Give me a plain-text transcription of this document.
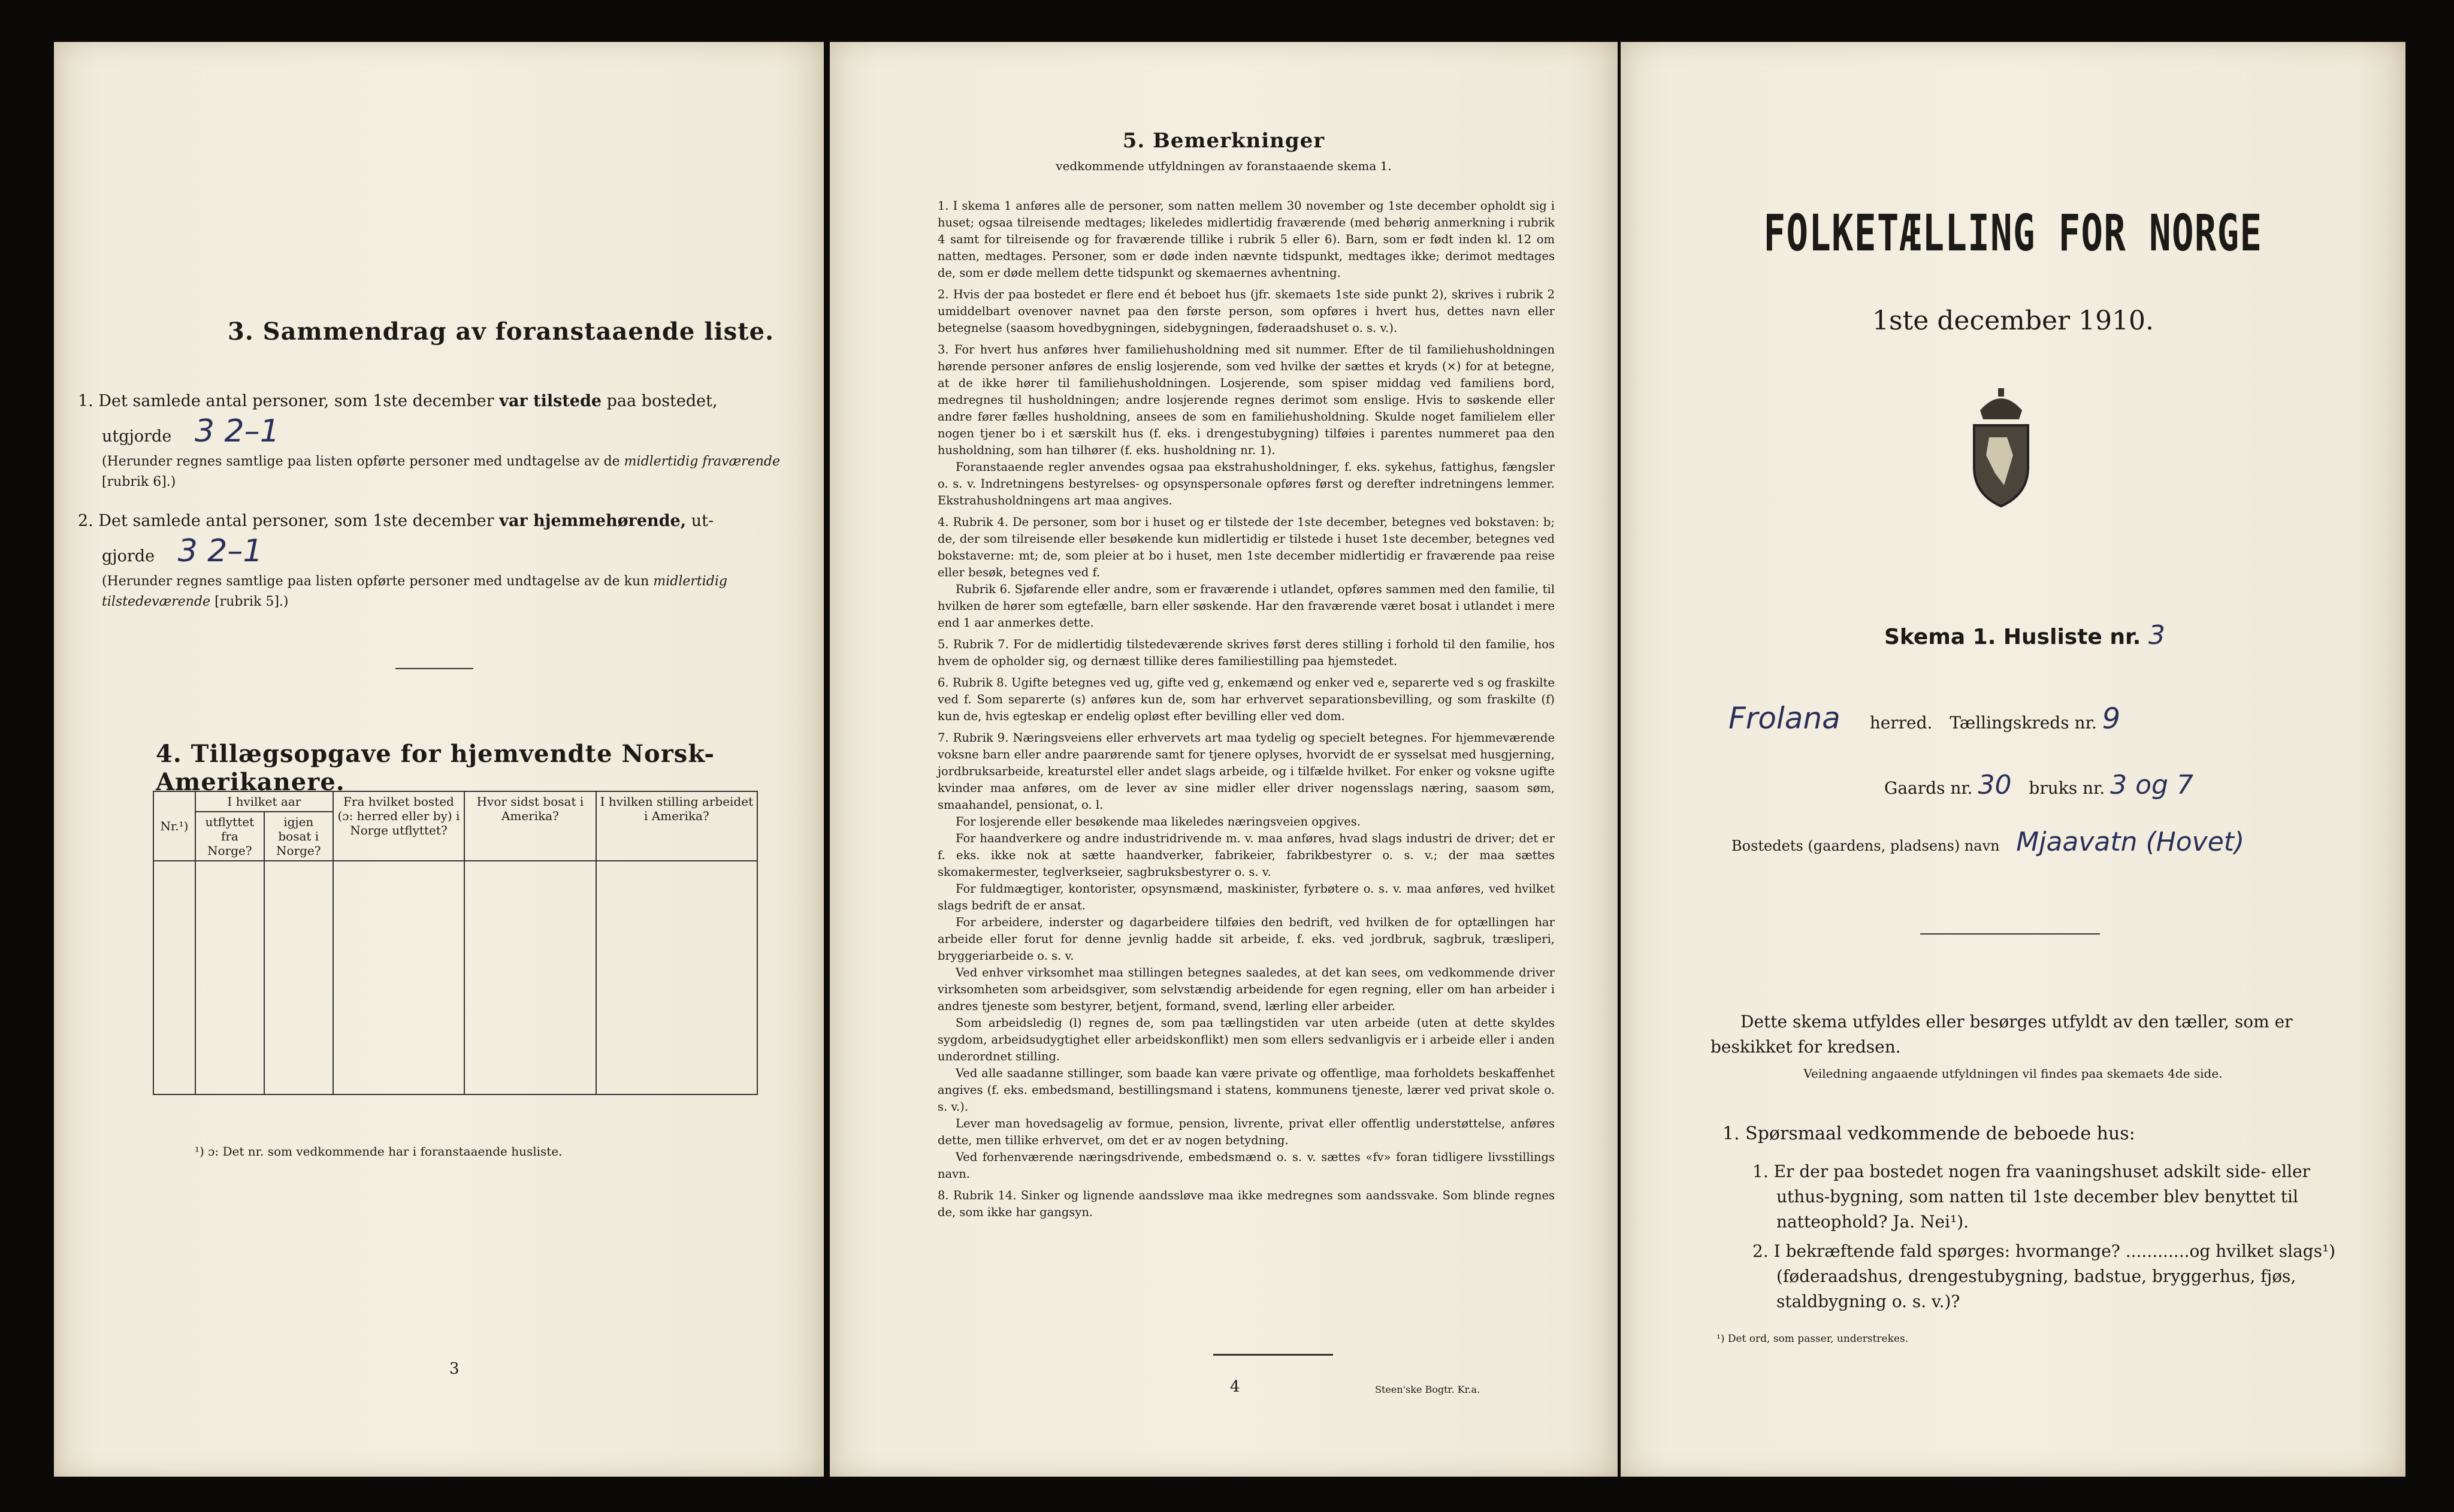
3. Sammendrag av foranstaaende liste.
1. Det samlede antal personer, som 1ste december var tilstede paa bostedet,
utgjorde 3 2–1
(Herunder regnes samtlige paa listen opførte personer med undtagelse av de midlertidig fraværende [rubrik 6].)
2. Det samlede antal personer, som 1ste december var hjemmehørende, ut-
gjorde 3 2–1
(Herunder regnes samtlige paa listen opførte personer med undtagelse av de kun midlertidig tilstedeværende [rubrik 5].)
4. Tillægsopgave for hjemvendte Norsk-Amerikanere.
Nr.¹)	I hvilket aar		Fra hvilket bosted (ɔ: herred eller by) i Norge utflyttet?	Hvor sidst bosat i Amerika?	I hvilken stilling arbeidet i Amerika?
	utflyttet fra Norge?	igjen bosat i Norge?			

¹) ɔ: Det nr. som vedkommende har i foranstaaende husliste.
3
5. Bemerkninger
vedkommende utfyldningen av foranstaaende skema 1.

1. I skema 1 anføres alle de personer, som natten mellem 30 november og 1ste december opholdt sig i huset; ogsaa tilreisende medtages; likeledes midlertidig fraværende (med behørig anmerkning i rubrik 4 samt for tilreisende og for fraværende tillike i rubrik 5 eller 6). Barn, som er født inden kl. 12 om natten, medtages. Personer, som er døde inden nævnte tidspunkt, medtages ikke; derimot medtages de, som er døde mellem dette tidspunkt og skemaernes avhentning.

2. Hvis der paa bostedet er flere end ét beboet hus (jfr. skemaets 1ste side punkt 2), skrives i rubrik 2 umiddelbart ovenover navnet paa den første person, som opføres i hvert hus, dettes navn eller betegnelse (saasom hovedbygningen, sidebygningen, føderaadshuset o. s. v.).

3. For hvert hus anføres hver familiehusholdning med sit nummer. Efter de til familiehusholdningen hørende personer anføres de enslig losjerende, som ved hvilke der sættes et kryds (×) for at betegne, at de ikke hører til familiehusholdningen. Losjerende, som spiser middag ved familiens bord, medregnes til husholdningen; andre losjerende regnes derimot som enslige. Hvis to søskende eller andre fører fælles husholdning, ansees de som en familiehusholdning. Skulde noget familielem eller nogen tjener bo i et særskilt hus (f. eks. i drengestubygning) tilføies i parentes nummeret paa den husholdning, som han tilhører (f. eks. husholdning nr. 1).

Foranstaaende regler anvendes ogsaa paa ekstrahusholdninger, f. eks. sykehus, fattighus, fængsler o. s. v. Indretningens bestyrelses- og opsynspersonale opføres først og derefter indretningens lemmer. Ekstrahusholdningens art maa angives.

4. Rubrik 4. De personer, som bor i huset og er tilstede der 1ste december, betegnes ved bokstaven: b; de, der som tilreisende eller besøkende kun midlertidig er tilstede i huset 1ste december, betegnes ved bokstaverne: mt; de, som pleier at bo i huset, men 1ste december midlertidig er fraværende paa reise eller besøk, betegnes ved f.

Rubrik 6. Sjøfarende eller andre, som er fraværende i utlandet, opføres sammen med den familie, til hvilken de hører som egtefælle, barn eller søskende. Har den fraværende været bosat i utlandet i mere end 1 aar anmerkes dette.

5. Rubrik 7. For de midlertidig tilstedeværende skrives først deres stilling i forhold til den familie, hos hvem de opholder sig, og dernæst tillike deres familiestilling paa hjemstedet.

6. Rubrik 8. Ugifte betegnes ved ug, gifte ved g, enkemænd og enker ved e, separerte ved s og fraskilte ved f. Som separerte (s) anføres kun de, som har erhvervet separationsbevilling, og som fraskilte (f) kun de, hvis egteskap er endelig opløst efter bevilling eller ved dom.

7. Rubrik 9. Næringsveiens eller erhvervets art maa tydelig og specielt betegnes. For hjemmeværende voksne barn eller andre paarørende samt for tjenere oplyses, hvorvidt de er sysselsat med husgjerning, jordbruksarbeide, kreaturstel eller andet slags arbeide, og i tilfælde hvilket. For enker og voksne ugifte kvinder maa anføres, om de lever av sine midler eller driver nogensslags næring, saasom søm, smaahandel, pensionat, o. l.

For losjerende eller besøkende maa likeledes næringsveien opgives.

For haandverkere og andre industridrivende m. v. maa anføres, hvad slags industri de driver; det er f. eks. ikke nok at sætte haandverker, fabrikeier, fabrikbestyrer o. s. v.; der maa sættes skomakermester, teglverkseier, sagbruksbestyrer o. s. v.

For fuldmægtiger, kontorister, opsynsmænd, maskinister, fyrbøtere o. s. v. maa anføres, ved hvilket slags bedrift de er ansat.

For arbeidere, inderster og dagarbeidere tilføies den bedrift, ved hvilken de for optællingen har arbeide eller forut for denne jevnlig hadde sit arbeide, f. eks. ved jordbruk, sagbruk, træsliperi, bryggeriarbeide o. s. v.

Ved enhver virksomhet maa stillingen betegnes saaledes, at det kan sees, om vedkommende driver virksomheten som arbeidsgiver, som selvstændig arbeidende for egen regning, eller om han arbeider i andres tjeneste som bestyrer, betjent, formand, svend, lærling eller arbeider.

Som arbeidsledig (l) regnes de, som paa tællingstiden var uten arbeide (uten at dette skyldes sygdom, arbeidsudygtighet eller arbeidskonflikt) men som ellers sedvanligvis er i arbeide eller i anden underordnet stilling.

Ved alle saadanne stillinger, som baade kan være private og offentlige, maa forholdets beskaffenhet angives (f. eks. embedsmand, bestillingsmand i statens, kommunens tjeneste, lærer ved privat skole o. s. v.).

Lever man hovedsagelig av formue, pension, livrente, privat eller offentlig understøttelse, anføres dette, men tillike erhvervet, om det er av nogen betydning.

Ved forhenværende næringsdrivende, embedsmænd o. s. v. sættes «fv» foran tidligere livsstillings navn.

8. Rubrik 14. Sinker og lignende aandssløve maa ikke medregnes som aandssvake. Som blinde regnes de, som ikke har gangsyn.

4	Steen'ske Bogtr. Kr.a.
FOLKETÆLLING FOR NORGE
1ste december 1910.
Skema 1. Husliste nr. 3
Frolana herred. Tællingskreds nr. 9
Gaards nr. 30 bruks nr. 3 og 7
Bostedets (gaardens, pladsens) navn Mjaavatn (Hovet)
Dette skema utfyldes eller besørges utfyldt av den tæller, som er beskikket for kredsen.
Veiledning angaaende utfyldningen vil findes paa skemaets 4de side.
1. Spørsmaal vedkommende de beboede hus:
1. Er der paa bostedet nogen fra vaaningshuset adskilt side- eller uthus-bygning, som natten til 1ste december blev benyttet til natteophold? Ja. Nei¹).
2. I bekræftende fald spørges: hvormange? ............og hvilket slags¹) (føderaadshus, drengestubygning, badstue, bryggerhus, fjøs, staldbygning o. s. v.)?
¹) Det ord, som passer, understrekes.
